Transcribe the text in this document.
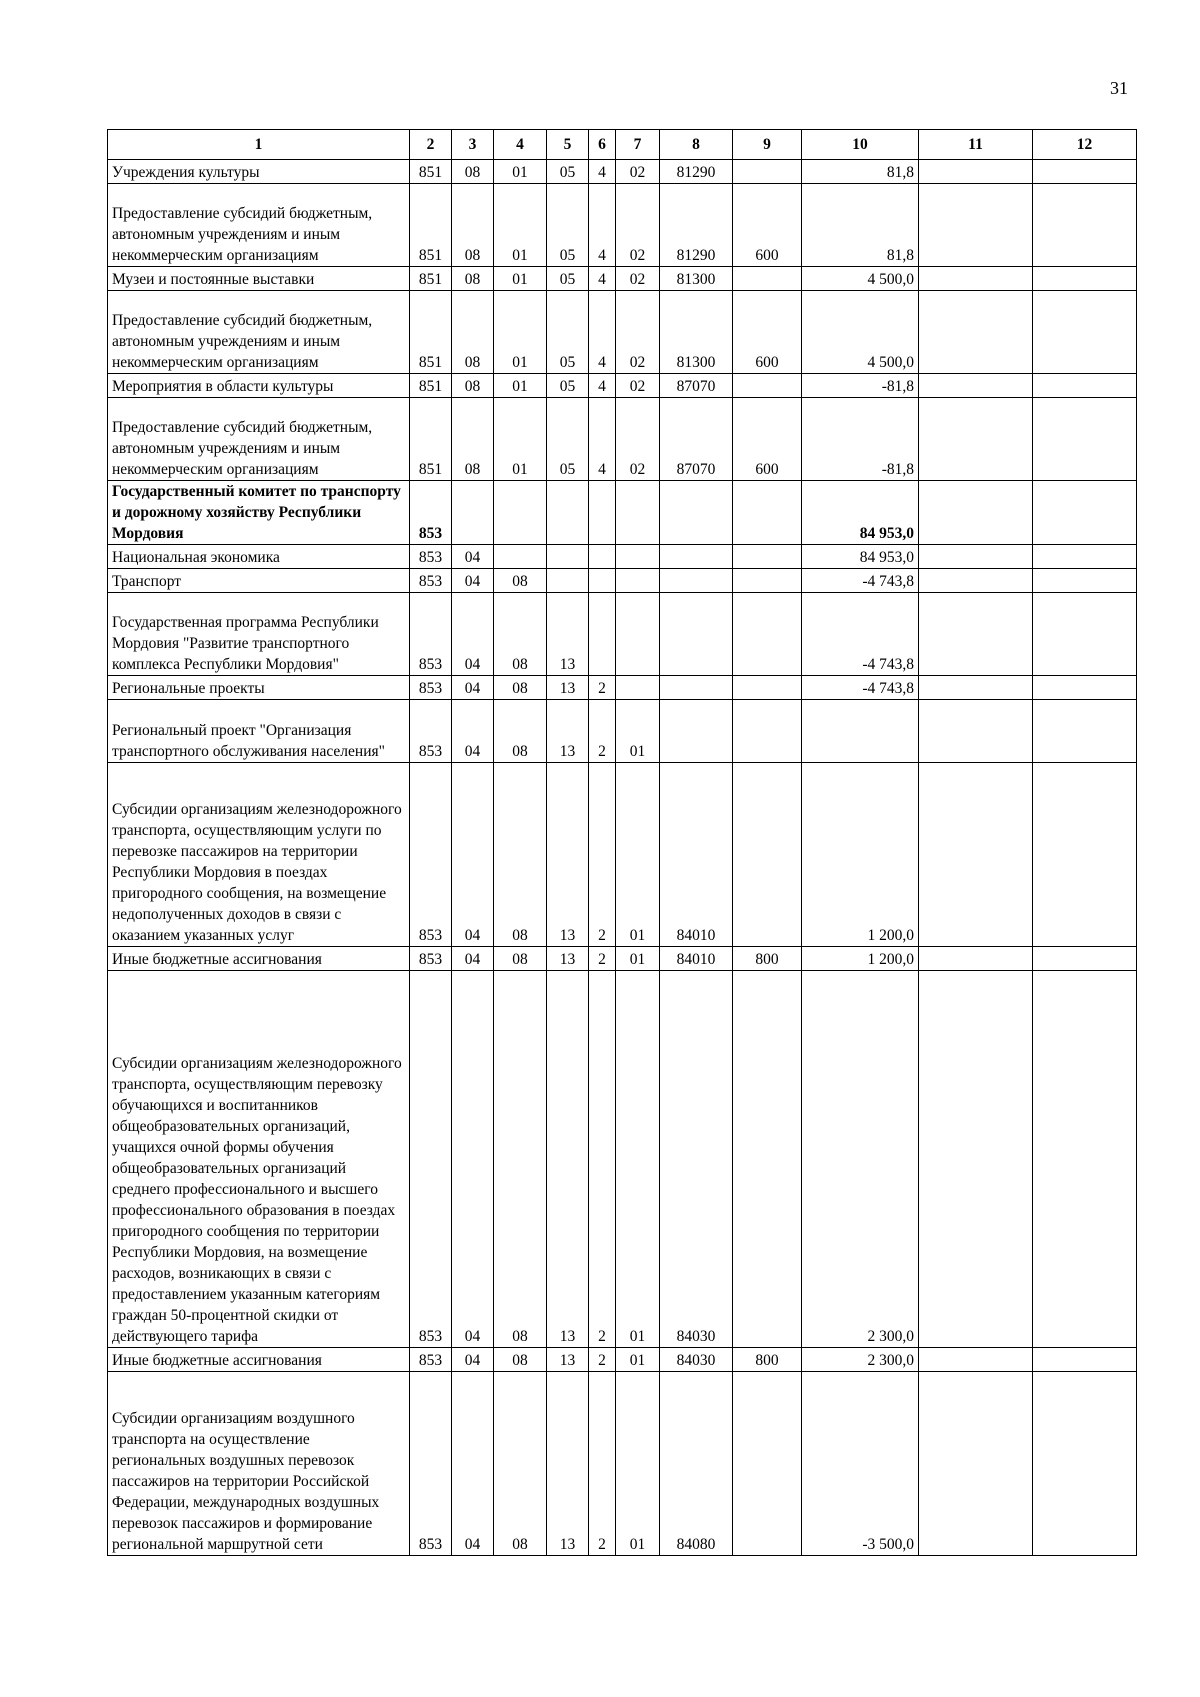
31
1	2	3	4	5	6	7	8	9	10	11	12
Учреждения культуры	851	08	01	05	4	02	81290		81,8		
Предоставление субсидий бюджетным, автономным учреждениям и иным некоммерческим организациям	851	08	01	05	4	02	81290	600	81,8		
Музеи и постоянные выставки	851	08	01	05	4	02	81300		4 500,0		
Предоставление субсидий бюджетным, автономным учреждениям и иным некоммерческим организациям	851	08	01	05	4	02	81300	600	4 500,0		
Мероприятия в области культуры	851	08	01	05	4	02	87070		-81,8		
Предоставление субсидий бюджетным, автономным учреждениям и иным некоммерческим организациям	851	08	01	05	4	02	87070	600	-81,8		
Государственный комитет по транспорту и дорожному хозяйству Республики Мордовия	853								84 953,0		
Национальная экономика	853	04							84 953,0		
Транспорт	853	04	08						-4 743,8		
Государственная программа Республики Мордовия "Развитие транспортного комплекса Республики Мордовия"	853	04	08	13					-4 743,8		
Региональные проекты	853	04	08	13	2				-4 743,8		
Региональный проект "Организация транспортного обслуживания населения"	853	04	08	13	2	01					
Субсидии организациям железнодорожного транспорта, осуществляющим услуги по перевозке пассажиров на территории Республики Мордовия в поездах пригородного сообщения, на возмещение недополученных доходов в связи с оказанием указанных услуг	853	04	08	13	2	01	84010		1 200,0		
Иные бюджетные ассигнования	853	04	08	13	2	01	84010	800	1 200,0		
Субсидии организациям железнодорожного транспорта, осуществляющим перевозку обучающихся и воспитанников общеобразовательных организаций, учащихся очной формы обучения общеобразовательных организаций среднего профессионального и высшего профессионального образования в поездах пригородного сообщения по территории Республики Мордовия, на возмещение расходов, возникающих в связи с предоставлением указанным категориям граждан 50-процентной скидки от действующего тарифа	853	04	08	13	2	01	84030		2 300,0		
Иные бюджетные ассигнования	853	04	08	13	2	01	84030	800	2 300,0		
Субсидии организациям воздушного транспорта на осуществление региональных воздушных перевозок пассажиров на территории Российской Федерации, международных воздушных перевозок пассажиров и формирование региональной маршрутной сети	853	04	08	13	2	01	84080		-3 500,0		
